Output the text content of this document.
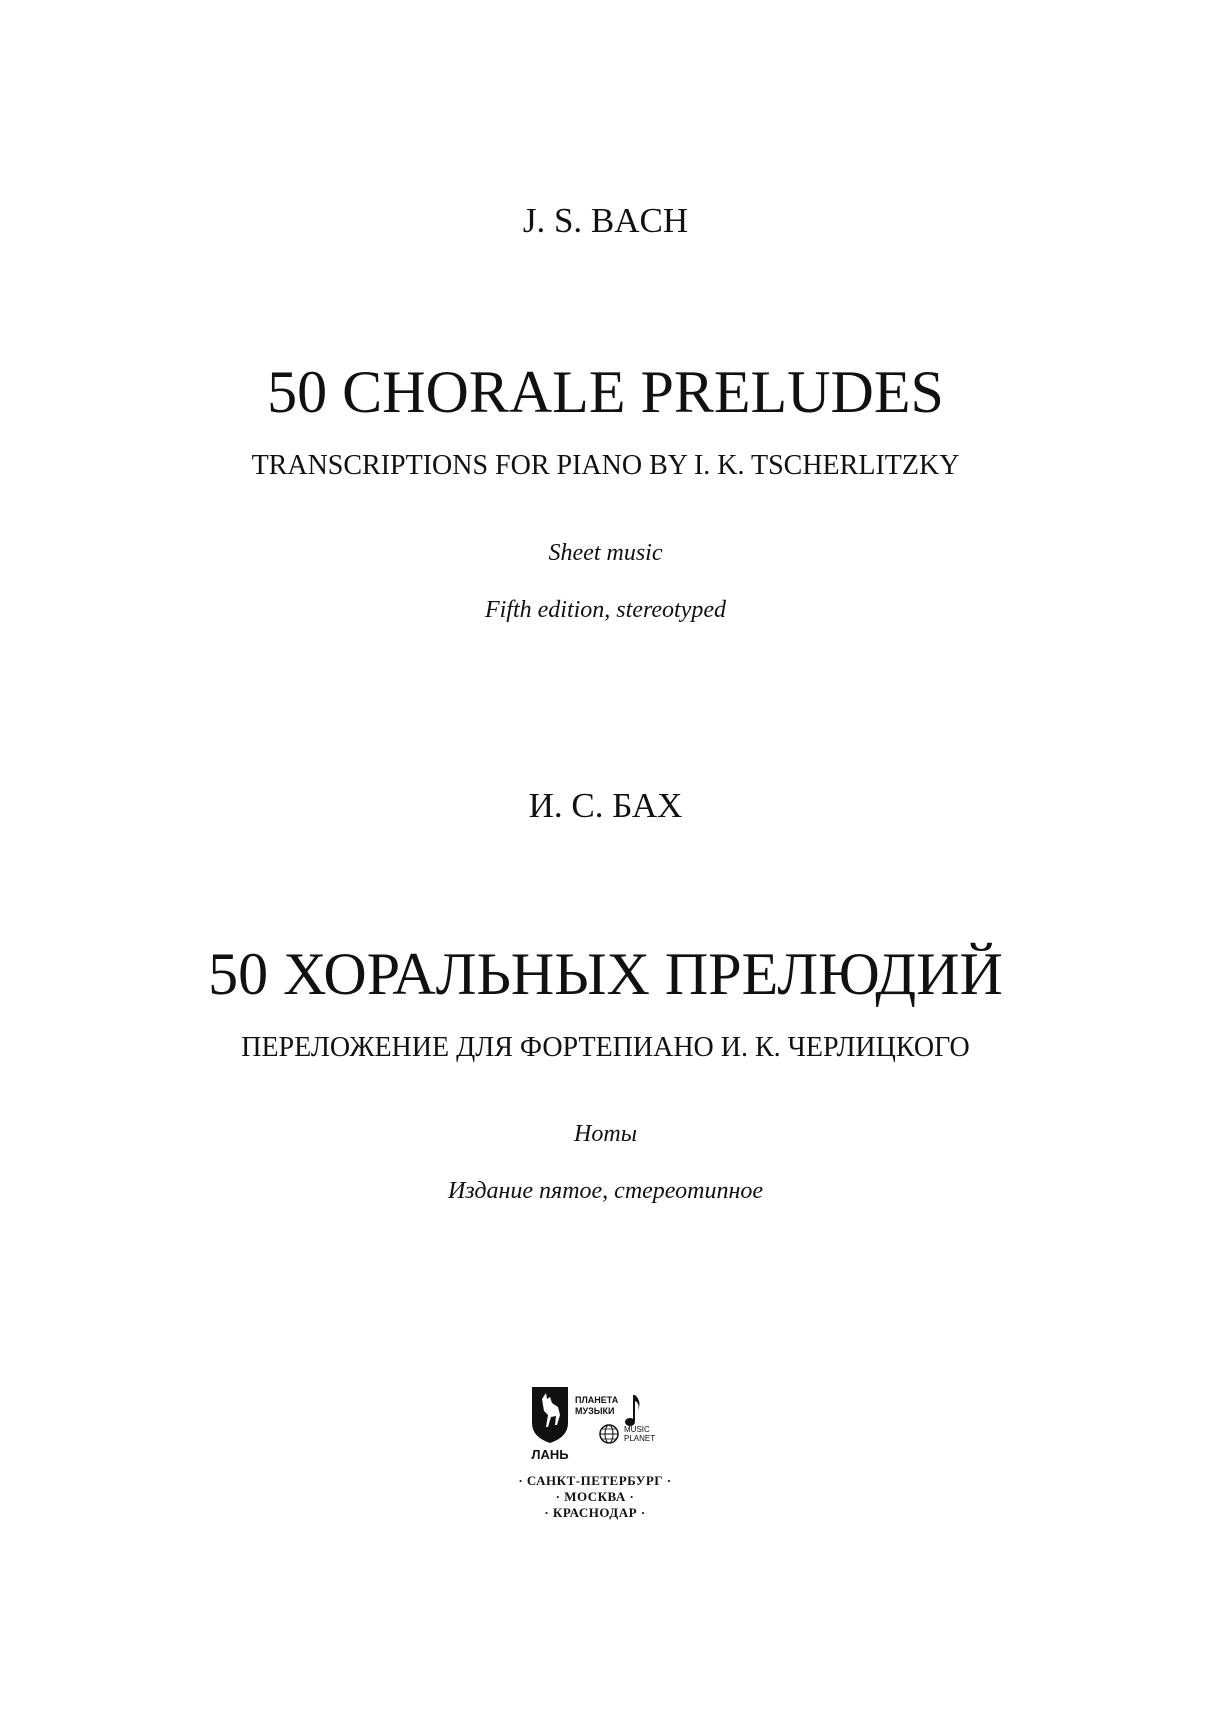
J. S. BACH
50 CHORALE PRELUDES
TRANSCRIPTIONS FOR PIANO BY I. K. TSCHERLITZKY
Sheet music
Fifth edition, stereotyped
И. С. БАХ
50 ХОРАЛЬНЫХ ПРЕЛЮДИЙ
ПЕРЕЛОЖЕНИЕ ДЛЯ ФОРТЕПИАНО И. К. ЧЕРЛИЦКОГО
Ноты
Издание пятое, стереотипное
ЛАНЬ
ПЛАНЕТА
МУЗЫКИ
MUSIC
PLANET
· САНКТ-ПЕТЕРБУРГ ·
· МОСКВА ·
· КРАСНОДАР ·
